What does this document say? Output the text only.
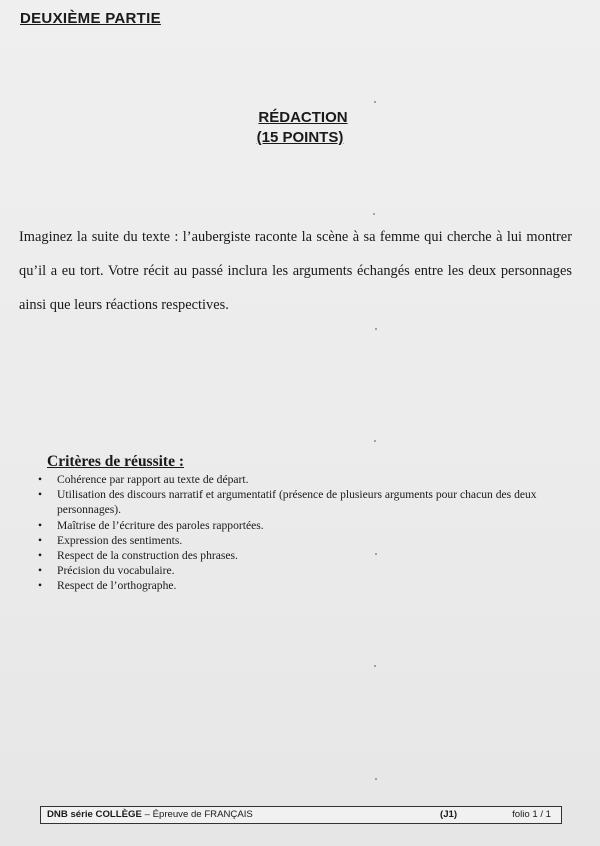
DEUXIÈME PARTIE
RÉDACTION
(15 POINTS)
Imaginez la suite du texte : l’aubergiste raconte la scène à sa femme qui cherche à lui montrer qu’il a eu tort. Votre récit au passé inclura les arguments échangés entre les deux personnages ainsi que leurs réactions respectives.
Critères de réussite :
• Cohérence par rapport au texte de départ.
• Utilisation des discours narratif et argumentatif (présence de plusieurs arguments pour chacun des deux personnages).
• Maîtrise de l’écriture des paroles rapportées.
• Expression des sentiments.
• Respect de la construction des phrases.
• Précision du vocabulaire.
• Respect de l’orthographe.
DNB série COLLÈGE – Épreuve de FRANÇAIS	(J1)	folio 1 / 1
